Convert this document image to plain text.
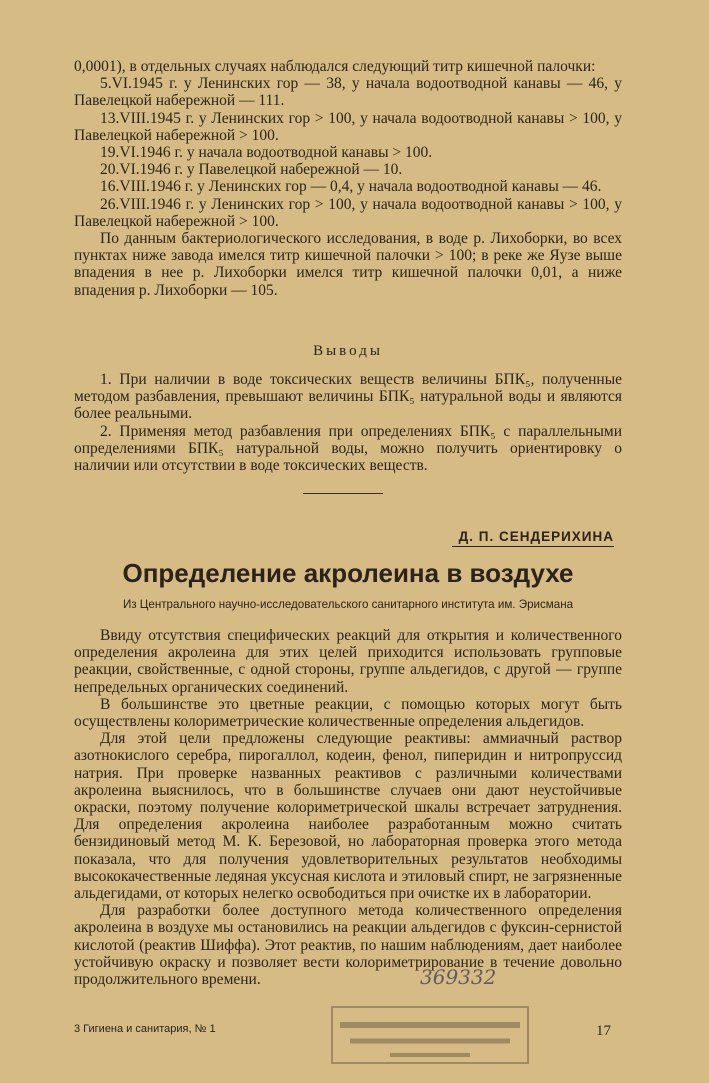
0,0001), в отдельных случаях наблюдался следующий титр кишечной палочки:

5.VI.1945 г. у Ленинских гор — 38, у начала водоотводной канавы — 46, у Павелецкой набережной — 111.

13.VIII.1945 г. у Ленинских гор > 100, у начала водоотводной канавы > 100, у Павелецкой набережной > 100.

19.VI.1946 г. у начала водоотводной канавы > 100.

20.VI.1946 г. у Павелецкой набережной — 10.

16.VIII.1946 г. у Ленинских гор — 0,4, у начала водоотводной канавы — 46.

26.VIII.1946 г. у Ленинских гор > 100, у начала водоотводной канавы > 100, у Павелецкой набережной > 100.

По данным бактериологического исследования, в воде р. Лихоборки, во всех пунктах ниже завода имелся титр кишечной палочки > 100; в реке же Яузе выше впадения в нее р. Лихоборки имелся титр кишечной палочки 0,01, а ниже впадения р. Лихоборки — 105.

Выводы

1. При наличии в воде токсических веществ величины БПК₅, полученные методом разбавления, превышают величины БПК₅ натуральной воды и являются более реальными.

2. Применяя метод разбавления при определениях БПК₅ с параллельными определениями БПК₅ натуральной воды, можно получить ориентировку о наличии или отсутствии в воде токсических веществ.

Д. П. СЕНДЕРИХИНА
Определение акролеина в воздухе
Из Центрального научно-исследовательского санитарного института им. Эрисмана

Ввиду отсутствия специфических реакций для открытия и количественного определения акролеина для этих целей приходится использовать групповые реакции, свойственные, с одной стороны, группе альдегидов, с другой — группе непредельных органических соединений.

В большинстве это цветные реакции, с помощью которых могут быть осуществлены колориметрические количественные определения альдегидов.

Для этой цели предложены следующие реактивы: аммиачный раствор азотнокислого серебра, пирогаллол, кодеин, фенол, пиперидин и нитропруссид натрия. При проверке названных реактивов с различными количествами акролеина выяснилось, что в большинстве случаев они дают неустойчивые окраски, поэтому получение колориметрической шкалы встречает затруднения. Для определения акролеина наиболее разработанным можно считать бензидиновый метод М. К. Березовой, но лабораторная проверка этого метода показала, что для получения удовлетворительных результатов необходимы высококачественные ледяная уксусная кислота и этиловый спирт, не загрязненные альдегидами, от которых нелегко освободиться при очистке их в лаборатории.

Для разработки более доступного метода количественного определения акролеина в воздухе мы остановились на реакции альдегидов с фуксин-сернистой кислотой (реактив Шиффа). Этот реактив, по нашим наблюдениям, дает наиболее устойчивую окраску и позволяет вести колориметрирование в течение довольно продолжительного времени.	369332
3 Гигиена и санитария, № 1	17
